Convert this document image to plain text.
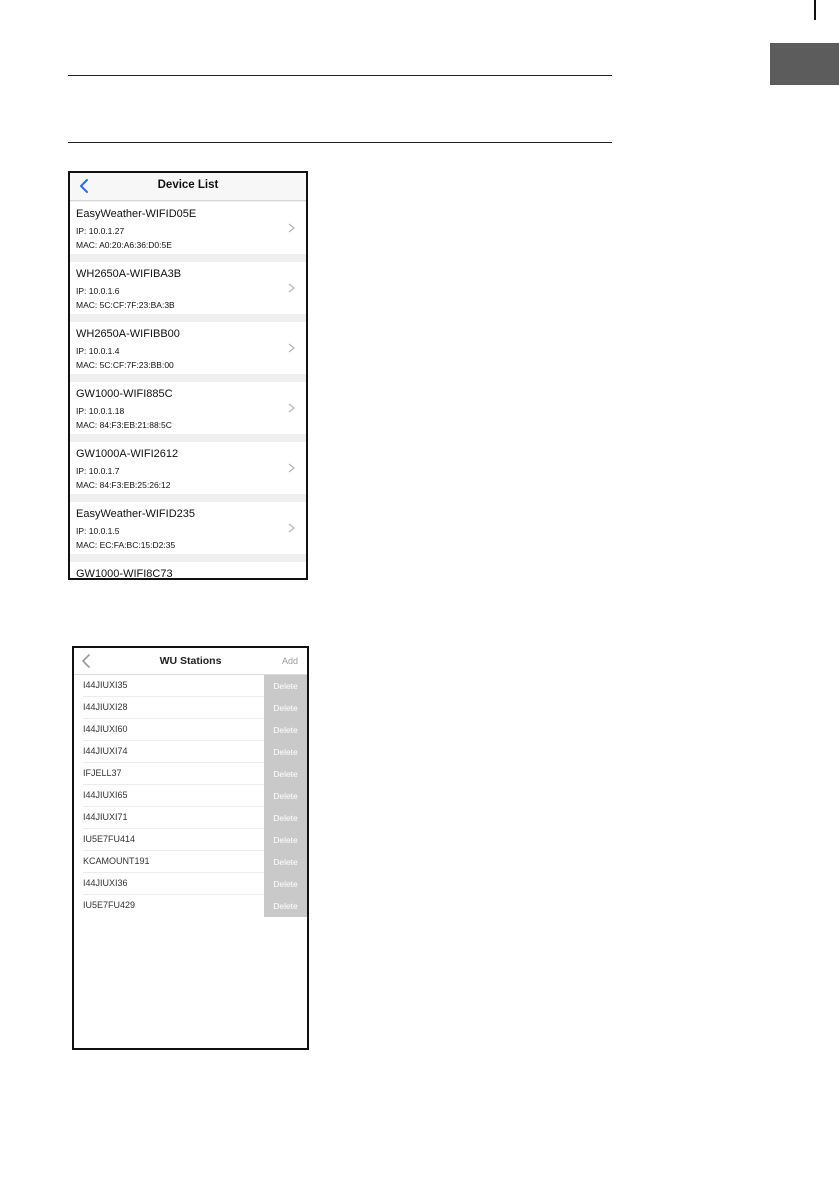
Device List
EasyWeather-WIFID05E
IP: 10.0.1.27
MAC: A0:20:A6:36:D0:5E
WH2650A-WIFIBA3B
IP: 10.0.1.6
MAC: 5C:CF:7F:23:BA:3B
WH2650A-WIFIBB00
IP: 10.0.1.4
MAC: 5C:CF:7F:23:BB:00
GW1000-WIFI885C
IP: 10.0.1.18
MAC: 84:F3:EB:21:88:5C
GW1000A-WIFI2612
IP: 10.0.1.7
MAC: 84:F3:EB:25:26:12
EasyWeather-WIFID235
IP: 10.0.1.5
MAC: EC:FA:BC:15:D2:35
GW1000-WIFI8C73
WU Stations	Add
I44JIUXI35	Delete
I44JIUXI28	Delete
I44JIUXI60	Delete
I44JIUXI74	Delete
IFJELL37	Delete
I44JIUXI65	Delete
I44JIUXI71	Delete
IU5E7FU414	Delete
KCAMOUNT191	Delete
I44JIUXI36	Delete
IU5E7FU429	Delete
